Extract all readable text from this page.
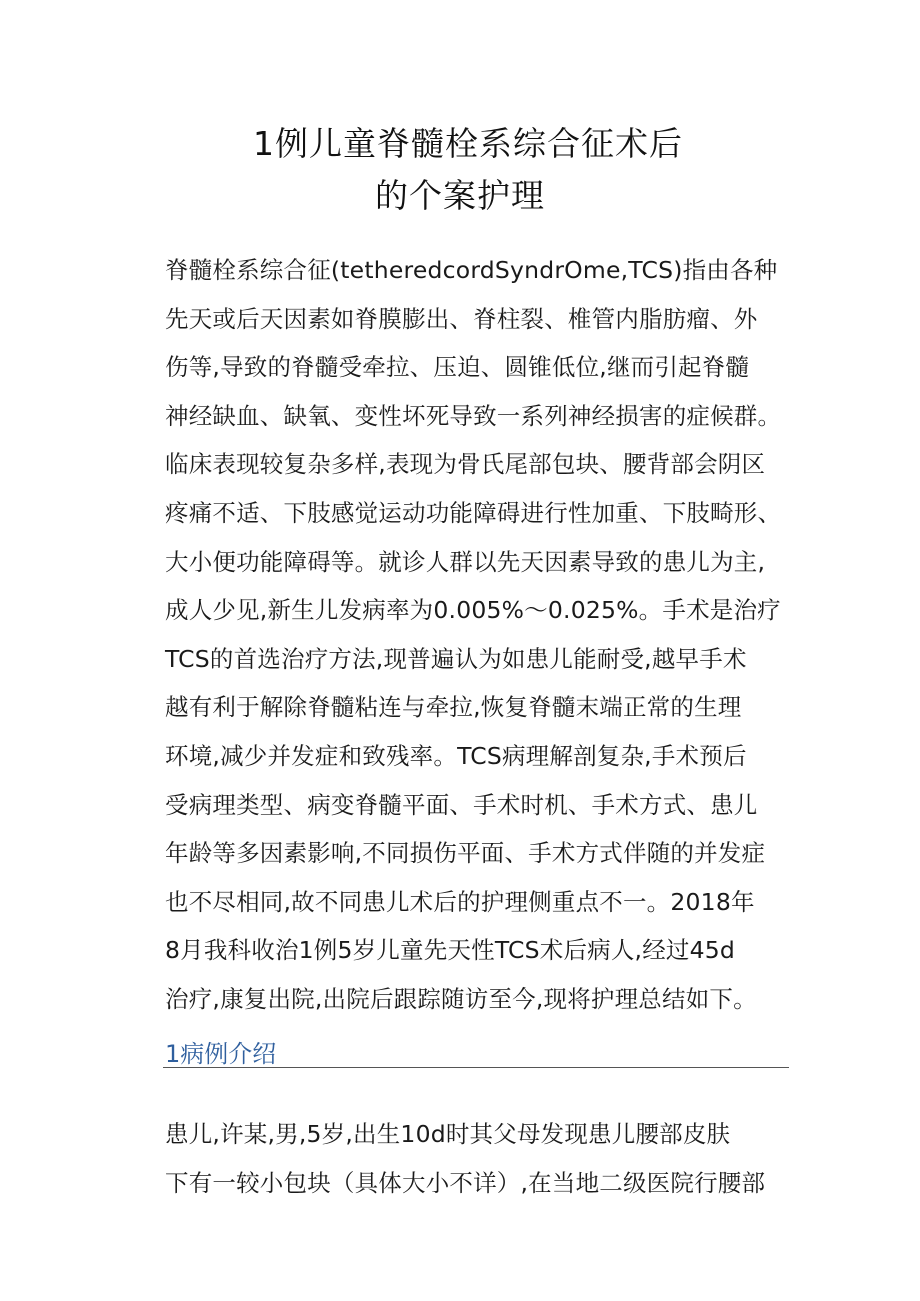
1例儿童脊髓栓系综合征术后
的个案护理
脊髓栓系综合征(tetheredcordSyndrOme,TCS)指由各种
先天或后天因素如脊膜膨出、脊柱裂、椎管内脂肪瘤、外
伤等,导致的脊髓受牵拉、压迫、圆锥低位,继而引起脊髓
神经缺血、缺氧、变性坏死导致一系列神经损害的症候群。
临床表现较复杂多样,表现为骨氏尾部包块、腰背部会阴区
疼痛不适、下肢感觉运动功能障碍进行性加重、下肢畸形、
大小便功能障碍等。就诊人群以先天因素导致的患儿为主,
成人少见,新生儿发病率为0.005%～0.025%。手术是治疗
TCS的首选治疗方法,现普遍认为如患儿能耐受,越早手术
越有利于解除脊髓粘连与牵拉,恢复脊髓末端正常的生理
环境,减少并发症和致残率。TCS病理解剖复杂,手术预后
受病理类型、病变脊髓平面、手术时机、手术方式、患儿
年龄等多因素影响,不同损伤平面、手术方式伴随的并发症
也不尽相同,故不同患儿术后的护理侧重点不一。2018年
8月我科收治1例5岁儿童先天性TCS术后病人,经过45d
治疗,康复出院,出院后跟踪随访至今,现将护理总结如下。
1病例介绍
患儿,许某,男,5岁,出生10d时其父母发现患儿腰部皮肤
下有一较小包块（具体大小不详）,在当地二级医院行腰部
